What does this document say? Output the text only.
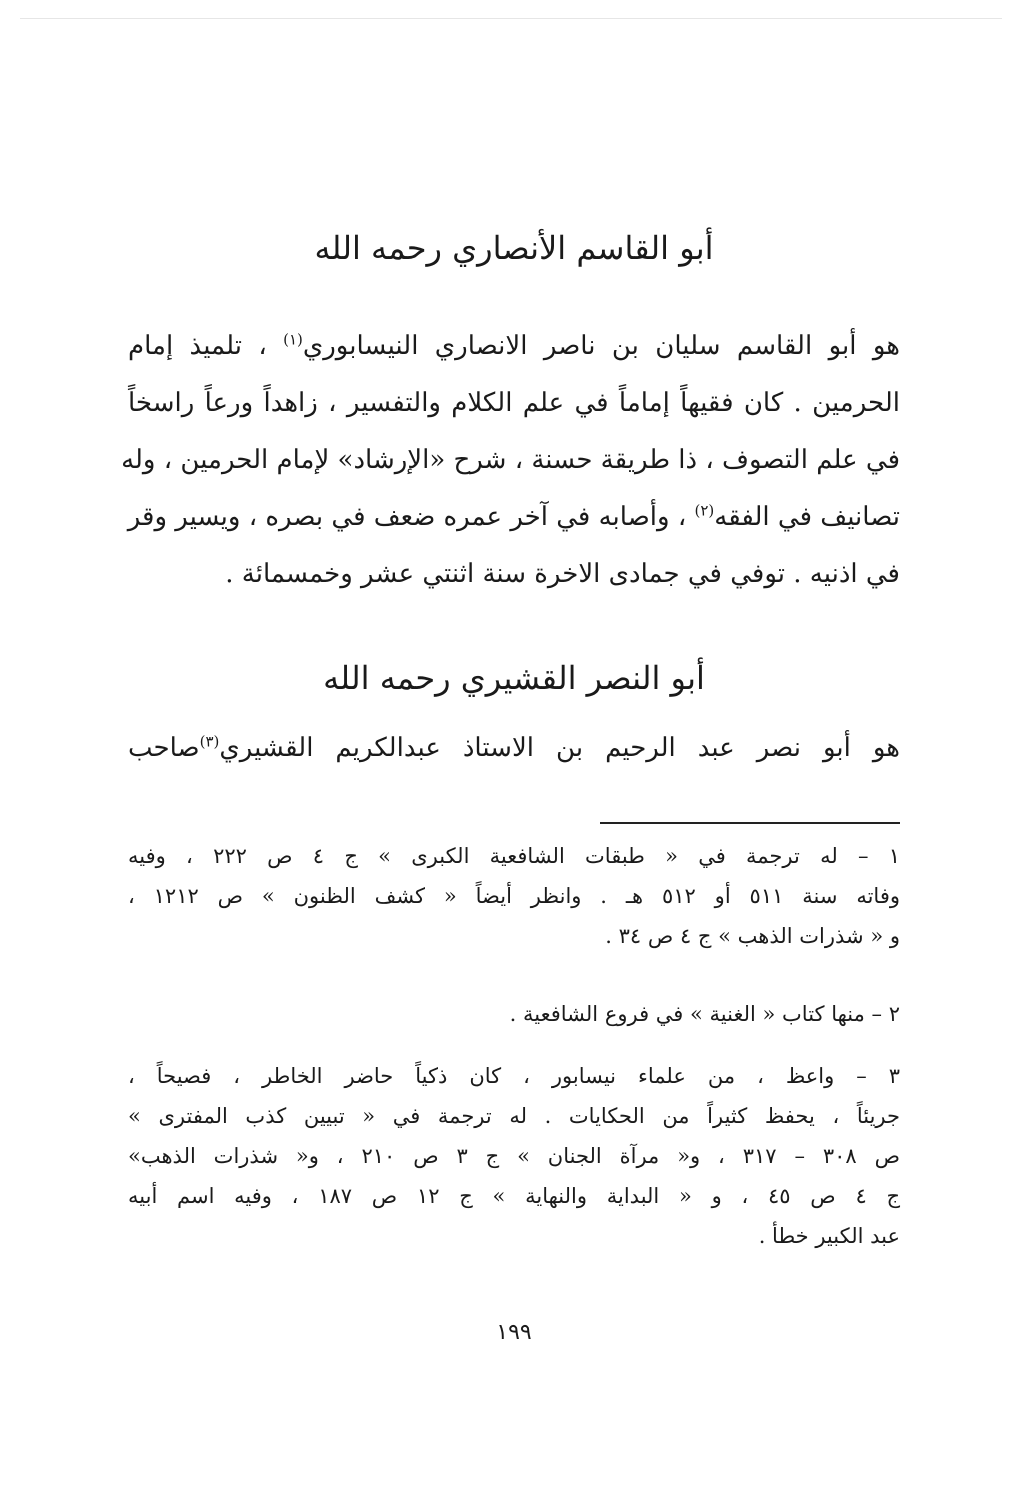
أبو القاسم الأنصاري رحمه الله

هو أبو القاسم سليان بن ناصر الانصاري النيسابوري$^{(١)}$ ، تلميذ إمام
الحرمين . كان فقيهاً إماماً في علم الكلام والتفسير ، زاهداً ورعاً راسخاً
في علم التصوف ، ذا طريقة حسنة ، شرح «الإرشاد» لإمام الحرمين ، وله
تصانيف في الفقه$^{(٢)}$ ، وأصابه في آخر عمره ضعف في بصره ، ويسير وقر
في اذنيه . توفي في جمادى الاخرة سنة اثنتي عشر وخمسمائة .

أبو النصر القشيري رحمه الله

هو أبو نصر عبد الرحيم بن الاستاذ عبدالكريم القشيري$^{(٣)}$صاحب

١ – له ترجمة في « طبقات الشافعية الكبرى » ج ٤ ص ٢٢٢ ، وفيه
وفاته سنة ٥١١ أو ٥١٢ هـ . وانظر أيضاً « كشف الظنون » ص ١٢١٢ ،
و « شذرات الذهب » ج ٤ ص ٣٤ .
٢ – منها كتاب « الغنية » في فروع الشافعية .
٣ – واعظ ، من علماء نيسابور ، كان ذكياً حاضر الخاطر ، فصيحاً ،
جريئاً ، يحفظ كثيراً من الحكايات . له ترجمة في « تبيين كذب المفترى »
ص ٣٠٨ – ٣١٧ ، و« مرآة الجنان » ج ٣ ص ٢١٠ ، و« شذرات الذهب»
ج ٤ ص ٤٥ ، و « البداية والنهاية » ج ١٢ ص ١٨٧ ، وفيه اسم أبيه
عبد الكبير خطأ .
١٩٩
